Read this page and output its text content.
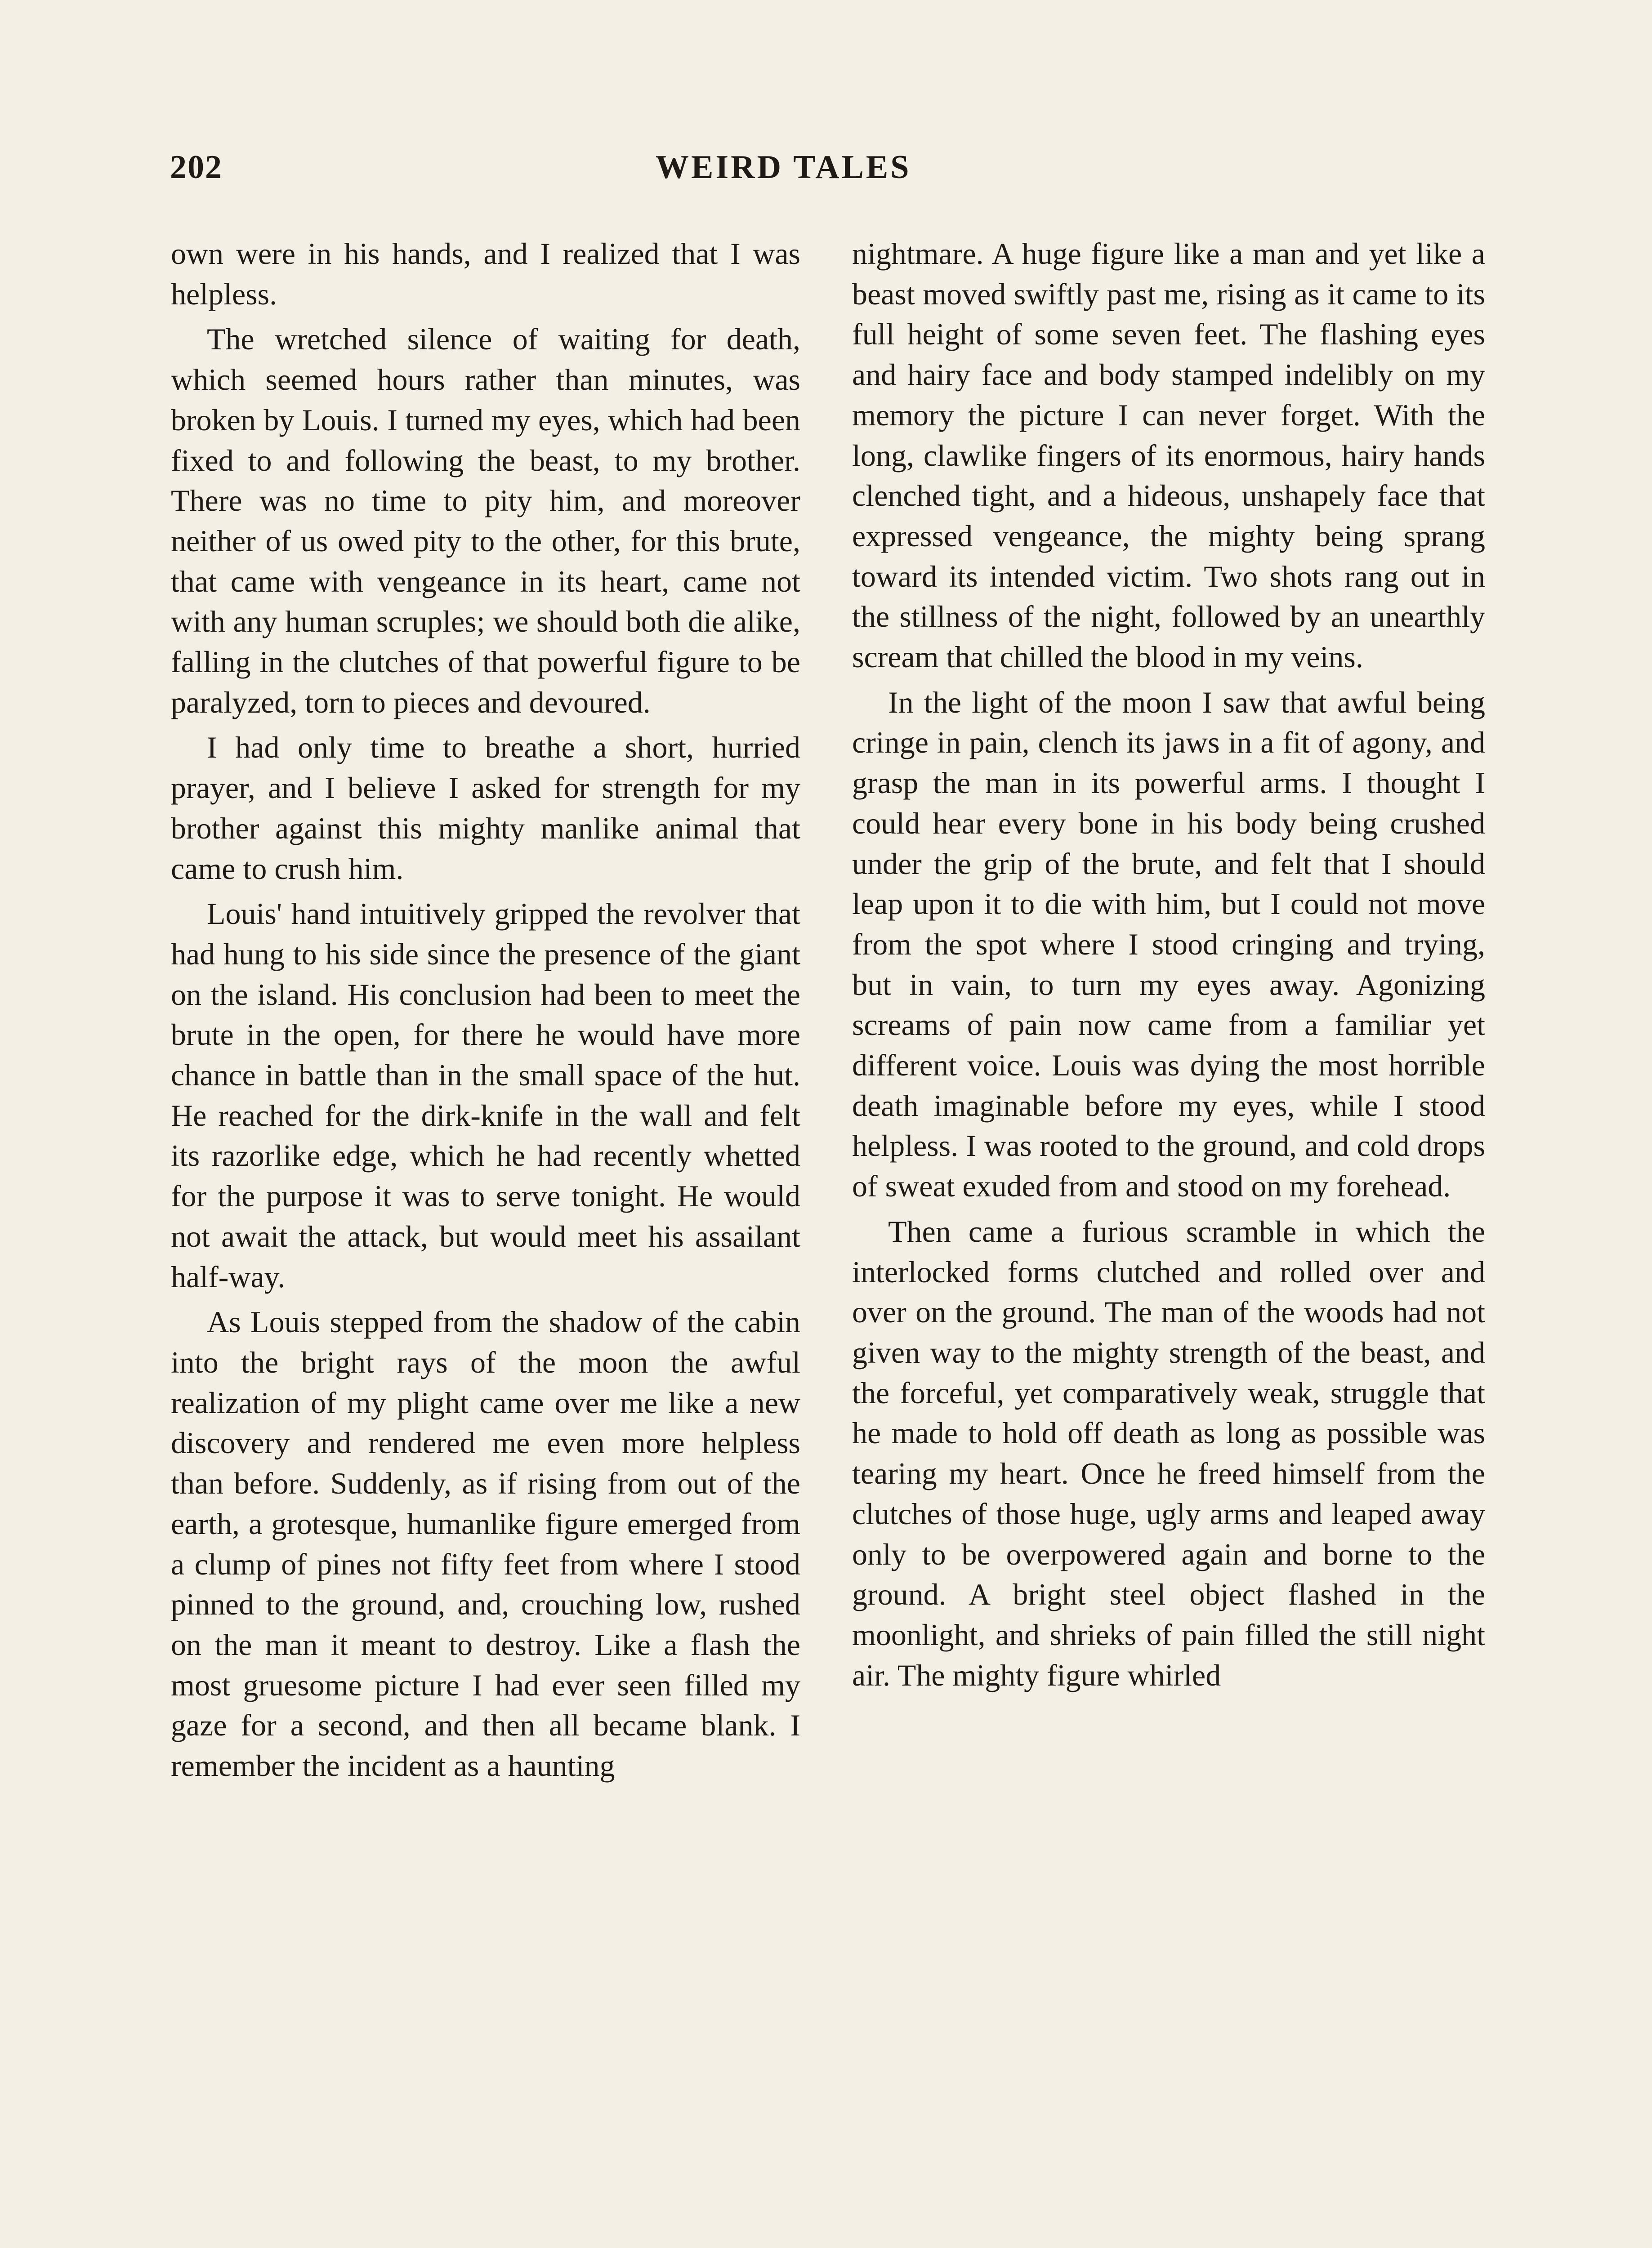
202	WEIRD TALES

own were in his hands, and I realized that I was helpless.

The wretched silence of waiting for death, which seemed hours rather than minutes, was broken by Louis. I turned my eyes, which had been fixed to and following the beast, to my brother. There was no time to pity him, and moreover neither of us owed pity to the other, for this brute, that came with vengeance in its heart, came not with any human scruples; we should both die alike, falling in the clutches of that powerful figure to be paralyzed, torn to pieces and devoured.

I had only time to breathe a short, hurried prayer, and I believe I asked for strength for my brother against this mighty manlike animal that came to crush him.

Louis' hand intuitively gripped the revolver that had hung to his side since the presence of the giant on the island. His conclusion had been to meet the brute in the open, for there he would have more chance in battle than in the small space of the hut. He reached for the dirk-knife in the wall and felt its razorlike edge, which he had recently whetted for the purpose it was to serve tonight. He would not await the attack, but would meet his assailant half-way.

As Louis stepped from the shadow of the cabin into the bright rays of the moon the awful realization of my plight came over me like a new discovery and rendered me even more helpless than before. Suddenly, as if rising from out of the earth, a grotesque, humanlike figure emerged from a clump of pines not fifty feet from where I stood pinned to the ground, and, crouching low, rushed on the man it meant to destroy. Like a flash the most gruesome picture I had ever seen filled my gaze for a second, and then all became blank. I remember the incident as a haunting

nightmare. A huge figure like a man and yet like a beast moved swiftly past me, rising as it came to its full height of some seven feet. The flashing eyes and hairy face and body stamped indelibly on my memory the picture I can never forget. With the long, clawlike fingers of its enormous, hairy hands clenched tight, and a hideous, unshapely face that expressed vengeance, the mighty being sprang toward its intended victim. Two shots rang out in the stillness of the night, followed by an unearthly scream that chilled the blood in my veins.

In the light of the moon I saw that awful being cringe in pain, clench its jaws in a fit of agony, and grasp the man in its powerful arms. I thought I could hear every bone in his body being crushed under the grip of the brute, and felt that I should leap upon it to die with him, but I could not move from the spot where I stood cringing and trying, but in vain, to turn my eyes away. Agonizing screams of pain now came from a familiar yet different voice. Louis was dying the most horrible death imaginable before my eyes, while I stood helpless. I was rooted to the ground, and cold drops of sweat exuded from and stood on my forehead.

Then came a furious scramble in which the interlocked forms clutched and rolled over and over on the ground. The man of the woods had not given way to the mighty strength of the beast, and the forceful, yet comparatively weak, struggle that he made to hold off death as long as possible was tearing my heart. Once he freed himself from the clutches of those huge, ugly arms and leaped away only to be overpowered again and borne to the ground. A bright steel object flashed in the moonlight, and shrieks of pain filled the still night air. The mighty figure whirled
